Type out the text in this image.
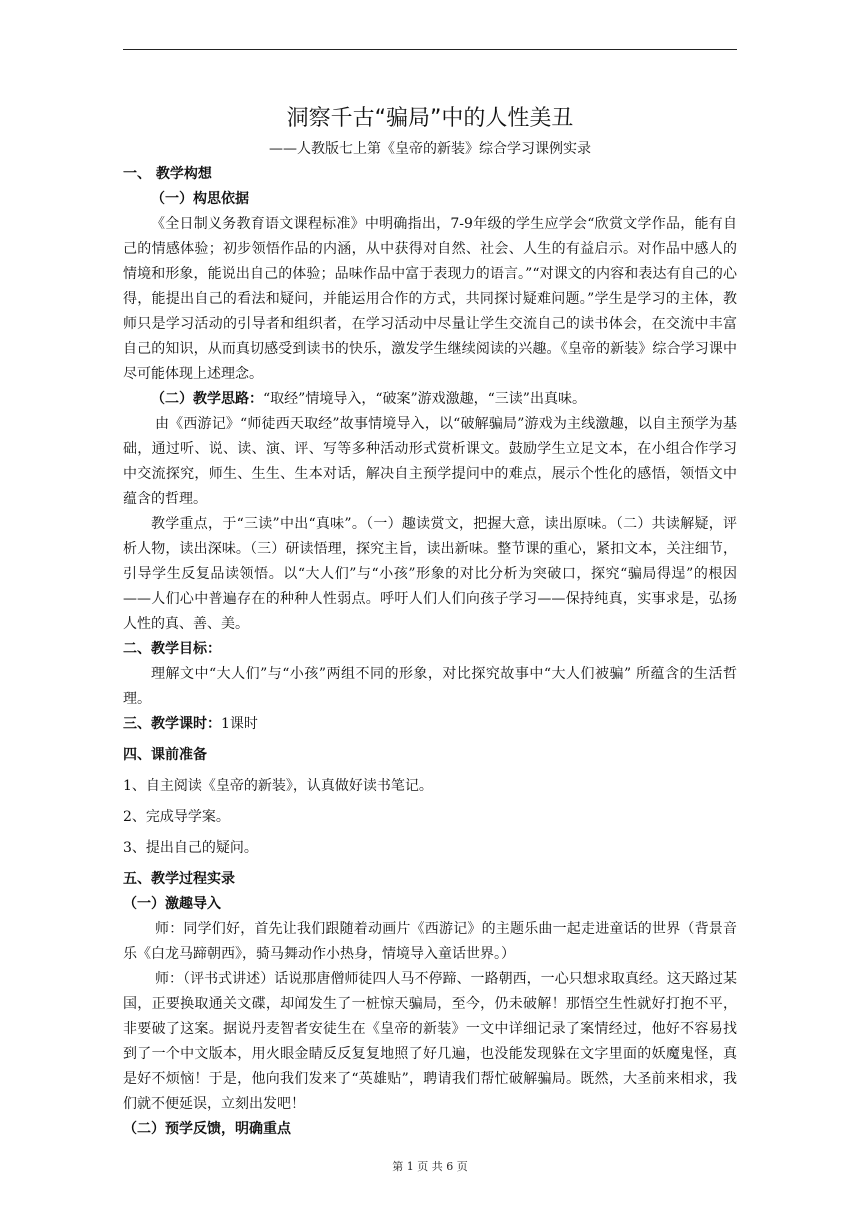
洞察千古“骗局”中的人性美丑
——人教版七上第《皇帝的新装》综合学习课例实录
一、 教学构想
（一）构思依据

《全日制义务教育语文课程标准》中明确指出，7-9年级的学生应学会“欣赏文学作品，能有自己的情感体验；初步领悟作品的内涵，从中获得对自然、社会、人生的有益启示。对作品中感人的情境和形象，能说出自己的体验；品味作品中富于表现力的语言。”“对课文的内容和表达有自己的心得，能提出自己的看法和疑问，并能运用合作的方式，共同探讨疑难问题。”学生是学习的主体，教师只是学习活动的引导者和组织者，在学习活动中尽量让学生交流自己的读书体会，在交流中丰富自己的知识，从而真切感受到读书的快乐，激发学生继续阅读的兴趣。《皇帝的新装》综合学习课中尽可能体现上述理念。

（二）教学思路：“取经”情境导入，“破案”游戏激趣，“三读”出真味。

由《西游记》“师徒西天取经”故事情境导入，以“破解骗局”游戏为主线激趣，以自主预学为基础，通过听、说、读、演、评、写等多种活动形式赏析课文。鼓励学生立足文本，在小组合作学习中交流探究，师生、生生、生本对话，解决自主预学提问中的难点，展示个性化的感悟，领悟文中蕴含的哲理。

教学重点，于“三读”中出“真味”。（一）趣读赏文，把握大意，读出原味。（二）共读解疑，评析人物，读出深味。（三）研读悟理，探究主旨，读出新味。整节课的重心，紧扣文本，关注细节，引导学生反复品读领悟。以“大人们”与“小孩”形象的对比分析为突破口，探究“骗局得逞”的根因——人们心中普遍存在的种种人性弱点。呼吁人们人们向孩子学习——保持纯真，实事求是，弘扬人性的真、善、美。

二、教学目标：

理解文中“大人们”与“小孩”两组不同的形象，对比探究故事中“大人们被骗” 所蕴含的生活哲理。

三、教学课时：1课时

四、课前准备

1、自主阅读《皇帝的新装》，认真做好读书笔记。

2、完成导学案。

3、提出自己的疑问。

五、教学过程实录
（一）激趣导入

师：同学们好，首先让我们跟随着动画片《西游记》的主题乐曲一起走进童话的世界（背景音乐《白龙马蹄朝西》，骑马舞动作小热身，情境导入童话世界。）

师：（评书式讲述）话说那唐僧师徒四人马不停蹄、一路朝西，一心只想求取真经。这天路过某国，正要换取通关文碟，却闻发生了一桩惊天骗局，至今，仍未破解！那悟空生性就好打抱不平，非要破了这案。据说丹麦智者安徒生在《皇帝的新装》一文中详细记录了案情经过，他好不容易找到了一个中文版本，用火眼金睛反反复复地照了好几遍，也没能发现躲在文字里面的妖魔鬼怪，真是好不烦恼！于是，他向我们发来了“英雄贴”，聘请我们帮忙破解骗局。既然，大圣前来相求，我们就不便延误，立刻出发吧！

（二）预学反馈，明确重点
第 1 页 共 6 页
